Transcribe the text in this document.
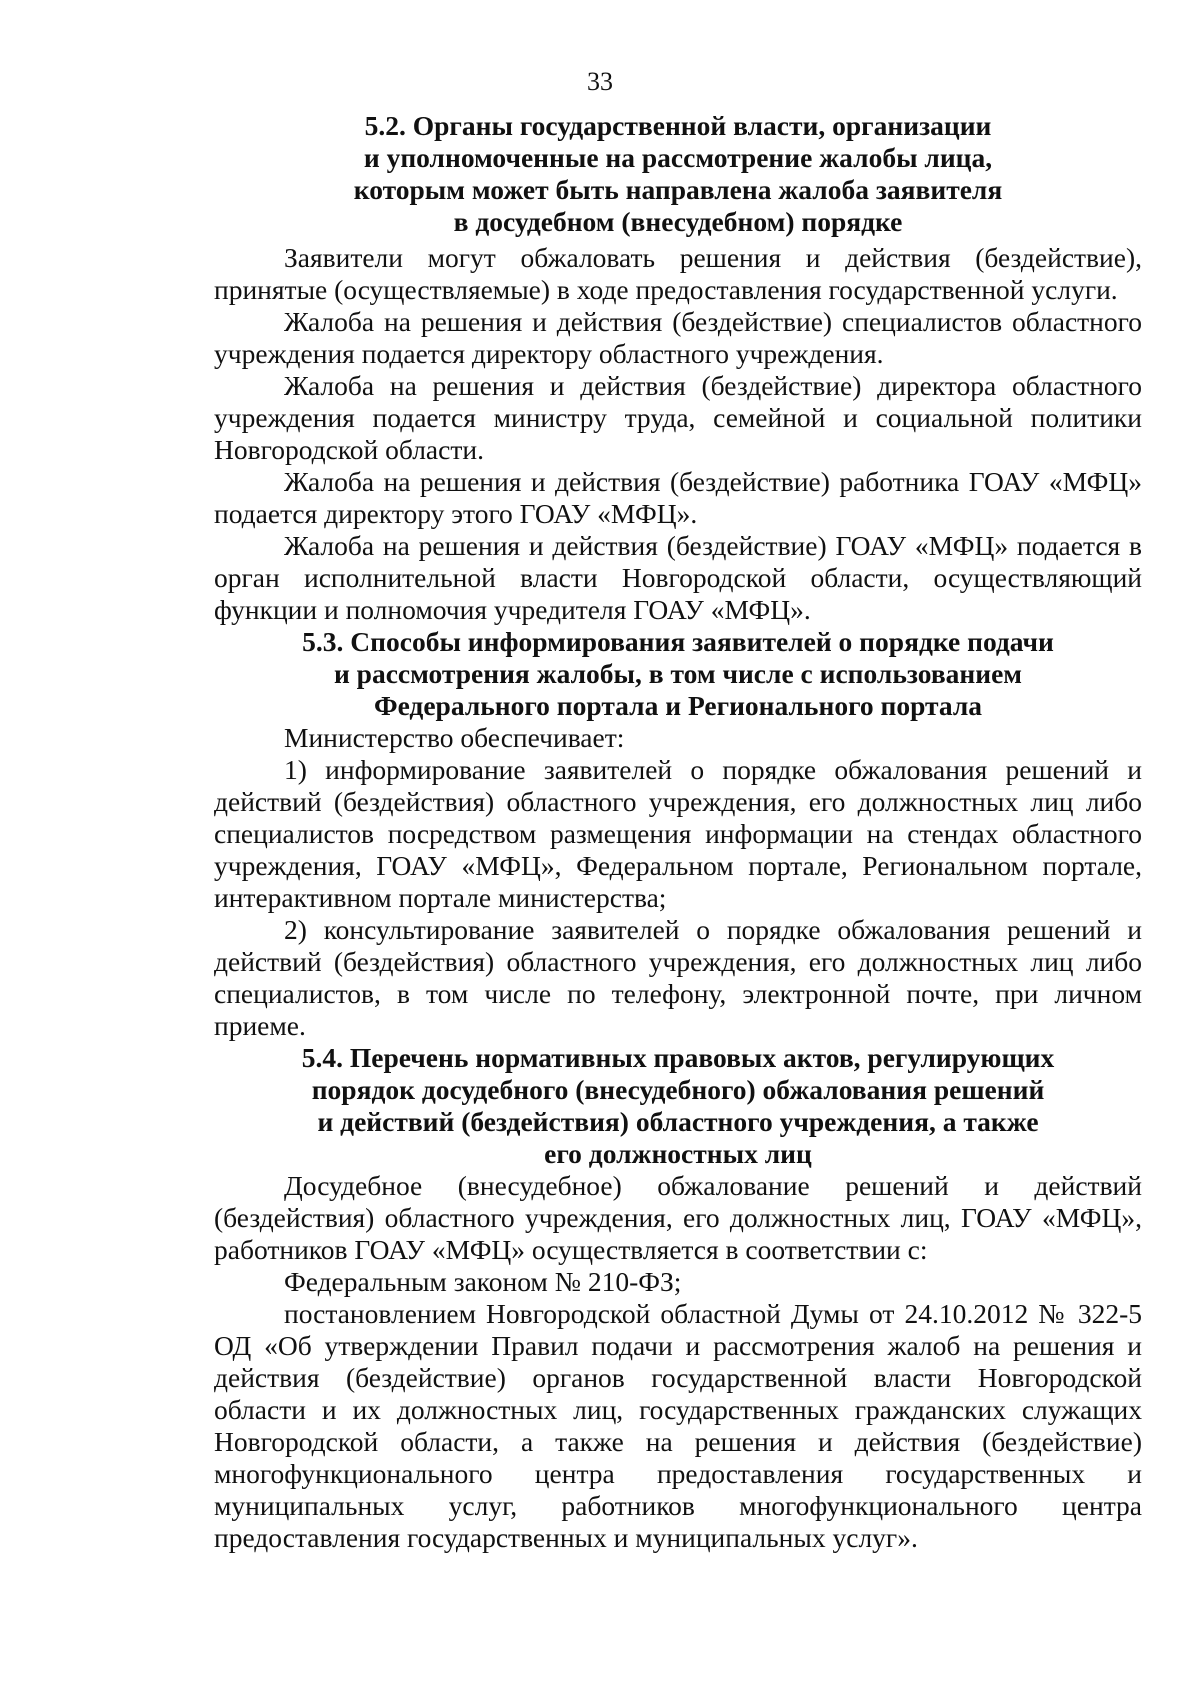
33
5.2. Органы государственной власти, организации
и уполномоченные на рассмотрение жалобы лица,
которым может быть направлена жалоба заявителя
в досудебном (внесудебном) порядке

Заявители могут обжаловать решения и действия (бездействие), принятые (осуществляемые) в ходе предоставления государственной услуги.

Жалоба на решения и действия (бездействие) специалистов областного учреждения подается директору областного учреждения.

Жалоба на решения и действия (бездействие) директора областного учреждения подается министру труда, семейной и социальной политики Новгородской области.

Жалоба на решения и действия (бездействие) работника ГОАУ «МФЦ» подается директору этого ГОАУ «МФЦ».

Жалоба на решения и действия (бездействие) ГОАУ «МФЦ» подается в орган исполнительной власти Новгородской области, осуществляющий функции и полномочия учредителя ГОАУ «МФЦ».

5.3. Способы информирования заявителей о порядке подачи
и рассмотрения жалобы, в том числе с использованием
Федерального портала и Регионального портала

Министерство обеспечивает:

1) информирование заявителей о порядке обжалования решений и действий (бездействия) областного учреждения, его должностных лиц либо специалистов посредством размещения информации на стендах областного учреждения, ГОАУ «МФЦ», Федеральном портале, Региональном портале, интерактивном портале министерства;

2) консультирование заявителей о порядке обжалования решений и действий (бездействия) областного учреждения, его должностных лиц либо специалистов, в том числе по телефону, электронной почте, при личном приеме.

5.4. Перечень нормативных правовых актов, регулирующих
порядок досудебного (внесудебного) обжалования решений
и действий (бездействия) областного учреждения, а также
его должностных лиц

Досудебное (внесудебное) обжалование решений и действий (бездействия) областного учреждения, его должностных лиц, ГОАУ «МФЦ», работников ГОАУ «МФЦ» осуществляется в соответствии с:

Федеральным законом № 210-ФЗ;

постановлением Новгородской областной Думы от 24.10.2012 № 322-5 ОД «Об утверждении Правил подачи и рассмотрения жалоб на решения и действия (бездействие) органов государственной власти Новгородской области и их должностных лиц, государственных гражданских служащих Новгородской области, а также на решения и действия (бездействие) многофункционального центра предоставления государственных и муниципальных услуг, работников многофункционального центра предоставления государственных и муниципальных услуг».
